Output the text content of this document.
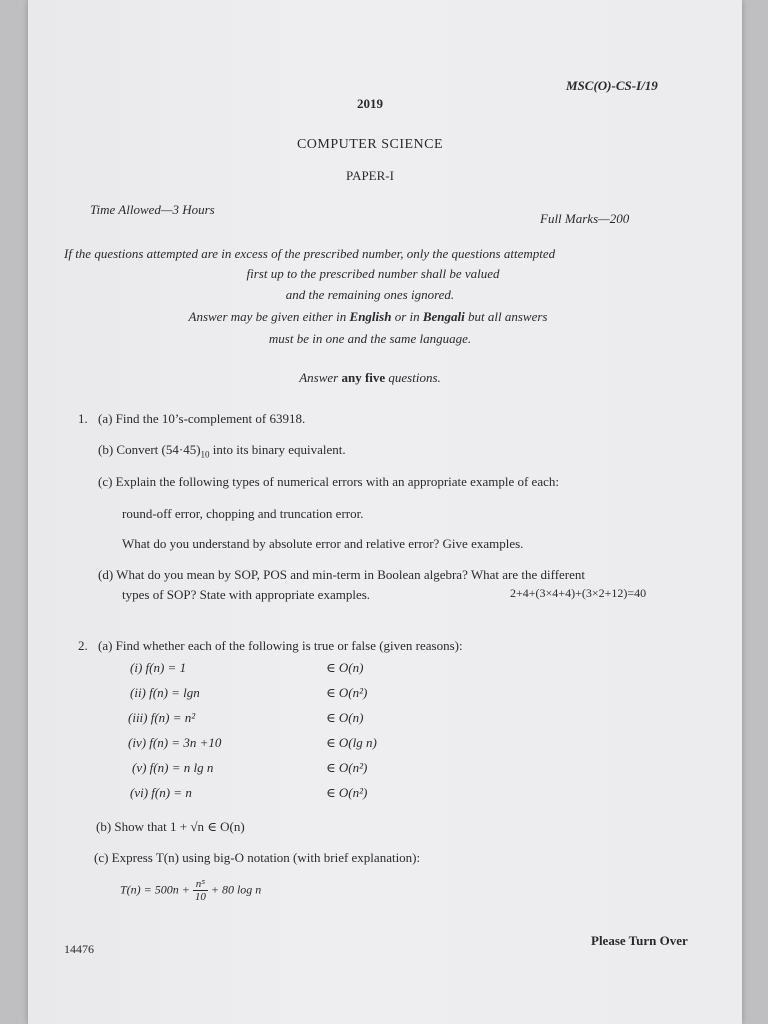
MSC(O)-CS-I/19
2019
COMPUTER SCIENCE
PAPER-I
Time Allowed—3 Hours
Full Marks—200
If the questions attempted are in excess of the prescribed number, only the questions attempted
first up to the prescribed number shall be valued
and the remaining ones ignored.
Answer may be given either in English or in Bengali but all answers
must be in one and the same language.
Answer any five questions.
1. (a) Find the 10’s-complement of 63918.
(b) Convert $(54\cdot 45)_{10}$ into its binary equivalent.
(c) Explain the following types of numerical errors with an appropriate example of each:
round-off error, chopping and truncation error.
What do you understand by absolute error and relative error? Give examples.
(d) What do you mean by SOP, POS and min-term in Boolean algebra? What are the different
types of SOP? State with appropriate examples.	2+4+(3×4+4)+(3×2+12)=40
2. (a) Find whether each of the following is true or false (given reasons):
(i) f(n) = 1	∈ O(n)
(ii) f(n) = lgn	∈ O(n²)
(iii) f(n) = n²	∈ O(n)
(iv) f(n) = 3n +10	∈ O(lg n)
(v) f(n) = n lg n	∈ O(n²)
(vi) f(n) = n	∈ O(n²)
(b) Show that 1 + √n ∈ O(n)
(c) Express T(n) using big-O notation (with brief explanation):
$T(n) = 500n + \frac{\text{n⁵}}{10} + 80$ log n
14476
Please Turn Over
